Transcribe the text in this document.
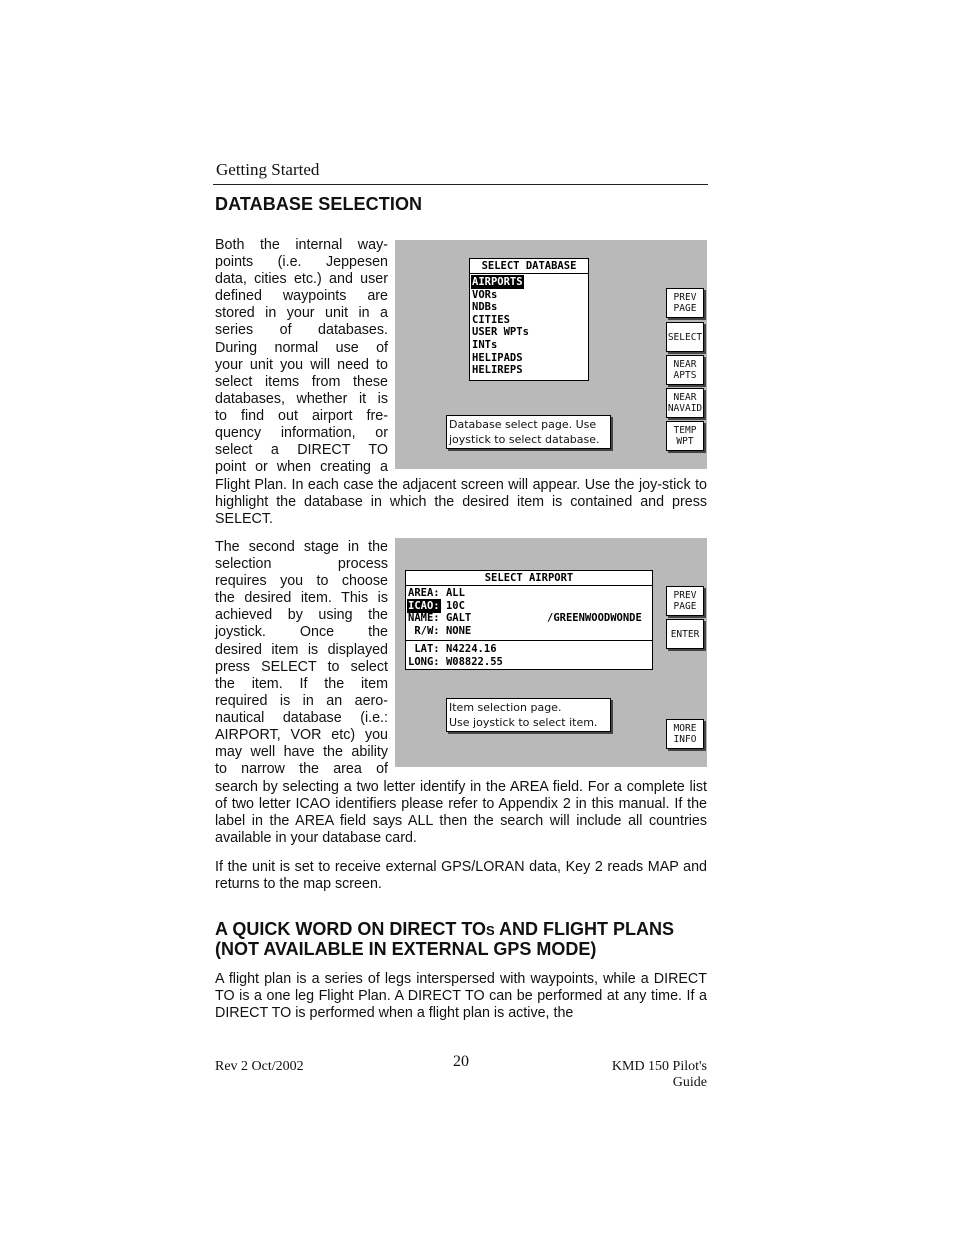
Getting Started
DATABASE SELECTION
Both the internal way-
points (i.e. Jeppesen
data, cities etc.) and user
defined waypoints are
stored in your unit in a
series of databases.
During normal use of
your unit you will need to
select items from these
databases, whether it is
to find out airport fre-
quency information, or
select a DIRECT TO
point or when creating a
SELECT DATABASE
AIRPORTS
VORs
NDBs
CITIES
USER WPTs
INTs
HELIPADS
HELIREPS
PREV
PAGE
SELECT
NEAR
APTS
NEAR
NAVAID
TEMP
WPT
Database select page. Use
joystick to select database.
Flight Plan. In each case the adjacent screen will appear. Use the joy-stick to highlight the database in which the desired item is contained and press SELECT.
The second stage in the
selection process
requires you to choose
the desired item. This is
achieved by using the
joystick. Once the
desired item is displayed
press SELECT to select
the item. If the item
required is in an aero-
nautical database (i.e.:
AIRPORT, VOR etc) you
may well have the ability
to narrow the area of
SELECT AIRPORT
AREA: ALL
ICAO: 10C
NAME: GALT	/GREENWOODWONDE
R/W: NONE
LAT: N4224.16
LONG: W08822.55
PREV
PAGE
ENTER
MORE
INFO
Item selection page.
Use joystick to select item.
search by selecting a two letter identify in the AREA field. For a complete list of two letter ICAO identifiers please refer to Appendix 2 in this manual. If the label in the AREA field says ALL then the search will include all countries available in your database card.
If the unit is set to receive external GPS/LORAN data, Key 2 reads MAP and returns to the map screen.
A QUICK WORD ON DIRECT TOS AND FLIGHT PLANS
(NOT AVAILABLE IN EXTERNAL GPS MODE)
A flight plan is a series of legs interspersed with waypoints, while a DIRECT TO is a one leg Flight Plan. A DIRECT TO can be performed at any time. If a DIRECT TO is performed when a flight plan is active, the
Rev 2 Oct/2002	20	KMD 150 Pilot's Guide
